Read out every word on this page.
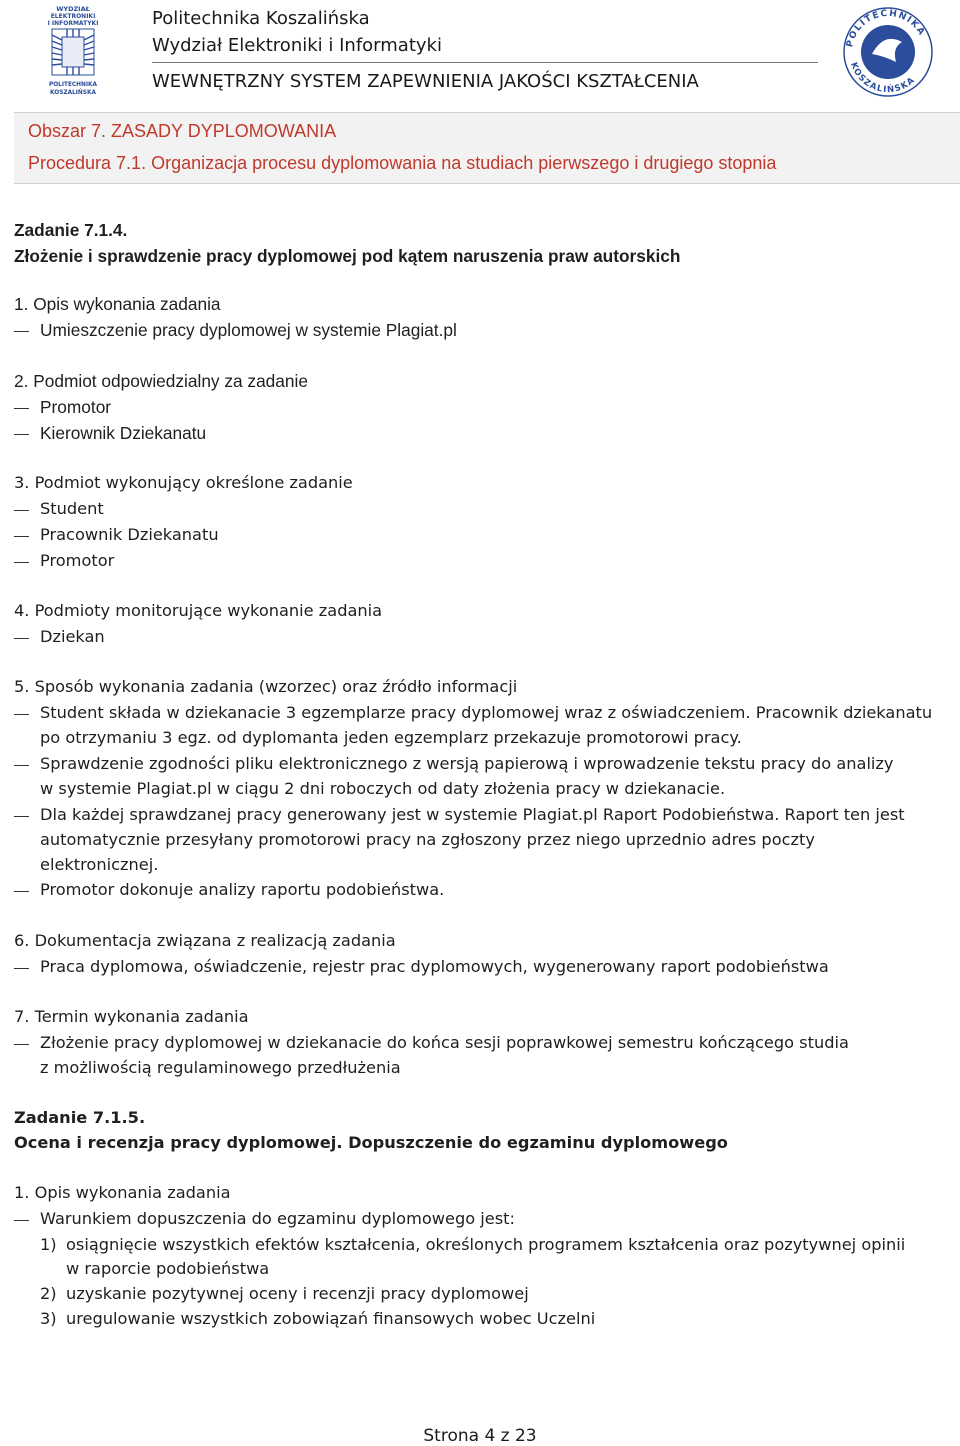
WYDZIAŁ
ELEKTRONIKI
I INFORMATYKI
POLITECHNIKA
KOSZALIŃSKA
Politechnika Koszalińska
Wydział Elektroniki i Informatyki
WEWNĘTRZNY SYSTEM ZAPEWNIENIA JAKOŚCI KSZTAŁCENIA
POLITECHNIKA
KOSZALIŃSKA
Obszar 7. ZASADY DYPLOMOWANIA
Procedura 7.1. Organizacja procesu dyplomowania na studiach pierwszego i drugiego stopnia
Zadanie 7.1.4.
Złożenie i sprawdzenie pracy dyplomowej pod kątem naruszenia praw autorskich
1. Opis wykonania zadania
Umieszczenie pracy dyplomowej w systemie Plagiat.pl
2. Podmiot odpowiedzialny za zadanie
Promotor
Kierownik Dziekanatu
3. Podmiot wykonujący określone zadanie
Student
Pracownik Dziekanatu
Promotor
4. Podmioty monitorujące wykonanie zadania
Dziekan
5. Sposób wykonania zadania (wzorzec) oraz źródło informacji
Student składa w dziekanacie 3 egzemplarze pracy dyplomowej wraz z oświadczeniem. Pracownik dziekanatu
po otrzymaniu 3 egz. od dyplomanta jeden egzemplarz przekazuje promotorowi pracy.
Sprawdzenie zgodności pliku elektronicznego z wersją papierową i wprowadzenie tekstu pracy do analizy
w systemie Plagiat.pl w ciągu 2 dni roboczych od daty złożenia pracy w dziekanacie.
Dla każdej sprawdzanej pracy generowany jest w systemie Plagiat.pl Raport Podobieństwa. Raport ten jest
automatycznie przesyłany promotorowi pracy na zgłoszony przez niego uprzednio adres poczty
elektronicznej.
Promotor dokonuje analizy raportu podobieństwa.
6. Dokumentacja związana z realizacją zadania
Praca dyplomowa, oświadczenie, rejestr prac dyplomowych, wygenerowany raport podobieństwa
7. Termin wykonania zadania
Złożenie pracy dyplomowej w dziekanacie do końca sesji poprawkowej semestru kończącego studia
z możliwością regulaminowego przedłużenia
Zadanie 7.1.5.
Ocena i recenzja pracy dyplomowej. Dopuszczenie do egzaminu dyplomowego
1. Opis wykonania zadania
Warunkiem dopuszczenia do egzaminu dyplomowego jest:
1) osiągnięcie wszystkich efektów kształcenia, określonych programem kształcenia oraz pozytywnej opinii
w raporcie podobieństwa
2) uzyskanie pozytywnej oceny i recenzji pracy dyplomowej
3) uregulowanie wszystkich zobowiązań finansowych wobec Uczelni
Strona 4 z 23
